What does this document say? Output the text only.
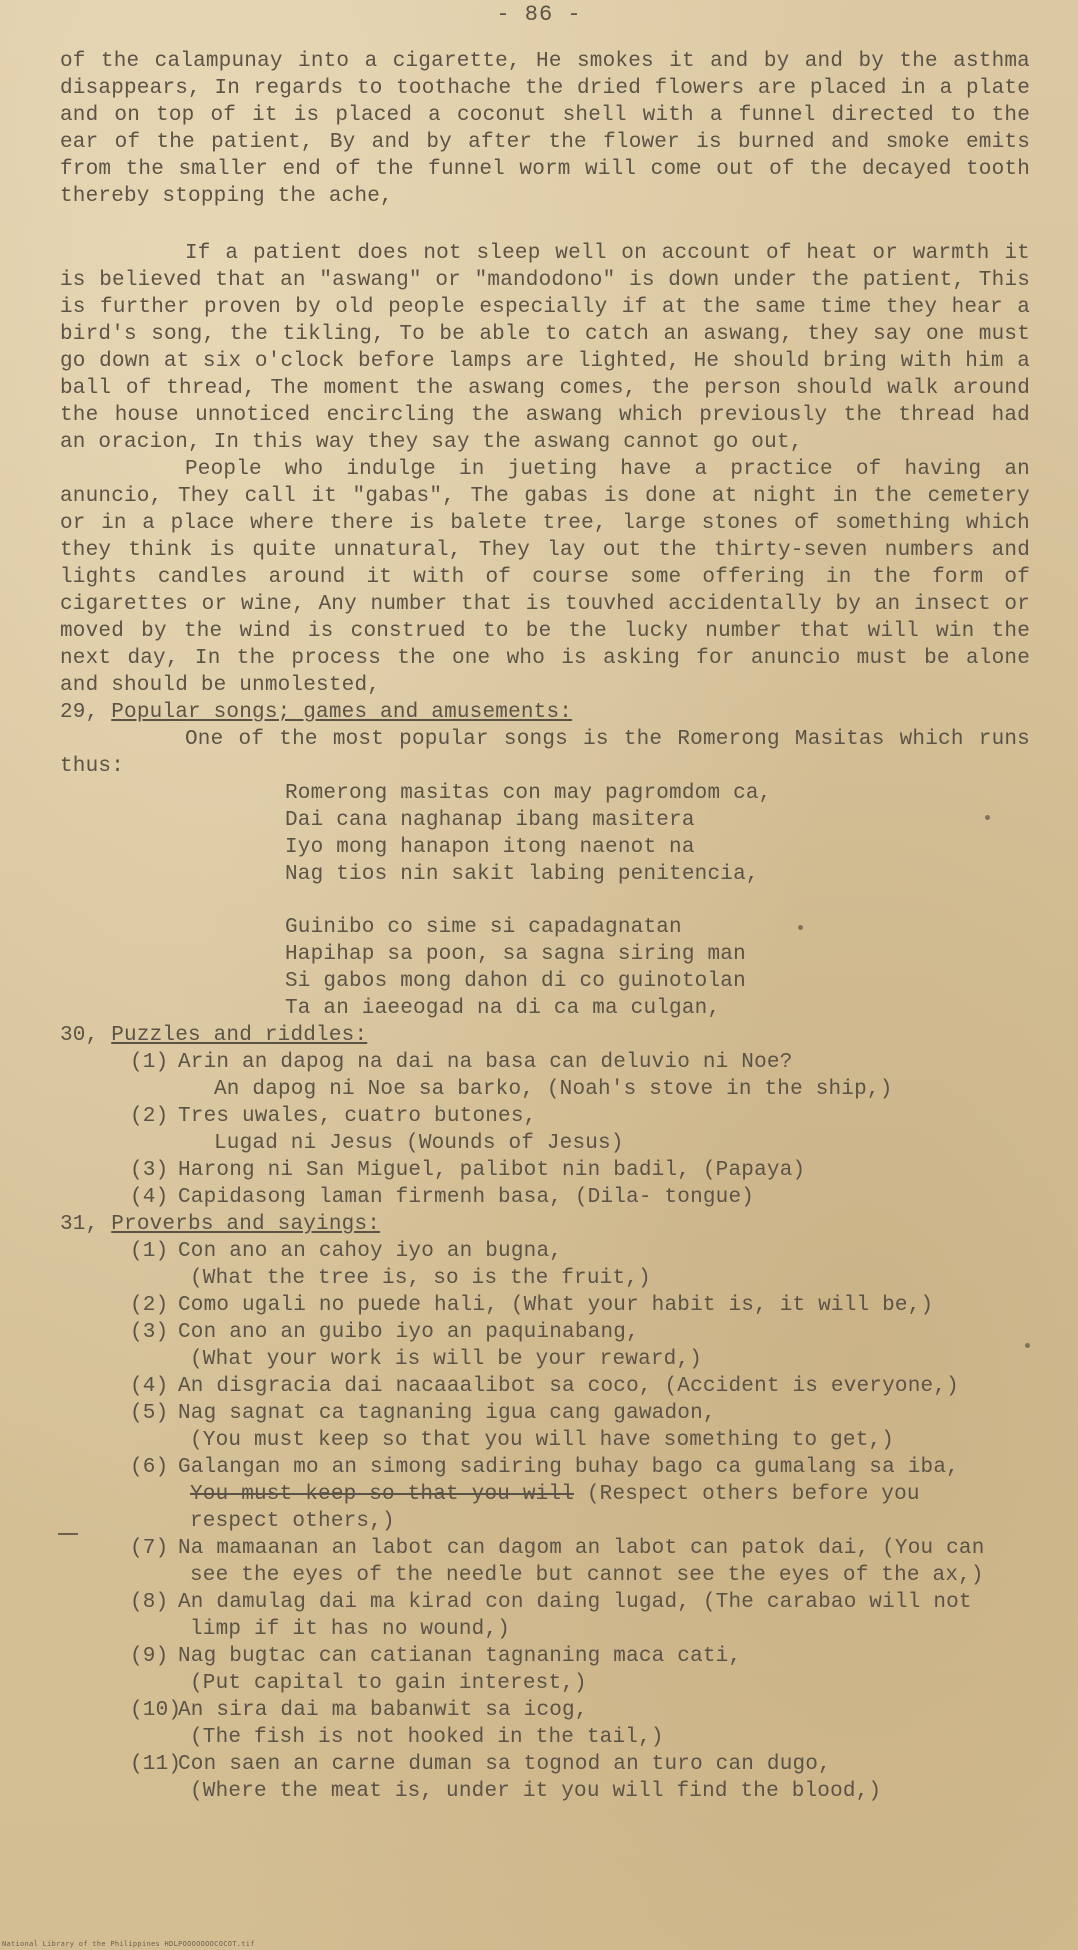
- 86 -

of the calampunay into a cigarette, He smokes it and by and by the asthma disappears, In regards to toothache the dried flowers are placed in a plate and on top of it is placed a coconut shell with a funnel directed to the ear of the patient, By and by after the flower is burned and smoke emits from the smaller end of the funnel worm will come out of the decayed tooth thereby stopping the ache,

If a patient does not sleep well on account of heat or warmth it is believed that an "aswang" or "mandodono" is down under the patient, This is further proven by old people especially if at the same time they hear a bird's song, the tikling, To be able to catch an aswang, they say one must go down at six o'clock before lamps are lighted, He should bring with him a ball of thread, The moment the aswang comes, the person should walk around the house unnoticed encircling the aswang which previously the thread had an oracion, In this way they say the aswang cannot go out,

People who indulge in jueting have a practice of having an anuncio, They call it "gabas", The gabas is done at night in the cemetery or in a place where there is balete tree, large stones of something which they think is quite unnatural, They lay out the thirty-seven numbers and lights candles around it with of course some offering in the form of cigarettes or wine, Any number that is touvhed accidentally by an insect or moved by the wind is construed to be the lucky number that will win the next day, In the process the one who is asking for anuncio must be alone and should be unmolested,

29, Popular songs; games and amusements:

One of the most popular songs is the Romerong Masitas which runs thus:

Romerong masitas con may pagromdom ca,
Dai cana naghanap ibang masitera
Iyo mong hanapon itong naenot na
Nag tios nin sakit labing penitencia,
Guinibo co sime si capadagnatan
Hapihap sa poon, sa sagna siring man
Si gabos mong dahon di co guinotolan
Ta an iaeeogad na di ca ma culgan,

30, Puzzles and riddles:

(1) Arin an dapog na dai na basa can deluvio ni Noe?
An dapog ni Noe sa barko, (Noah's stove in the ship,)
(2) Tres uwales, cuatro butones,
Lugad ni Jesus (Wounds of Jesus)
(3) Harong ni San Miguel, palibot nin badil, (Papaya)
(4) Capidasong laman firmenh basa, (Dila- tongue)

31, Proverbs and sayings:

(1) Con ano an cahoy iyo an bugna,
(What the tree is, so is the fruit,)
(2) Como ugali no puede hali, (What your habit is, it will be,)
(3) Con ano an guibo iyo an paquinabang,
(What your work is will be your reward,)
(4) An disgracia dai nacaaalibot sa coco, (Accident is everyone,)
(5) Nag sagnat ca tagnaning igua cang gawadon,
(You must keep so that you will have something to get,)
(6) Galangan mo an simong sadiring buhay bago ca gumalang sa iba,
You must keep so that you will (Respect others before you
respect others,)
(7) Na mamaanan an labot can dagom an labot can patok dai, (You can
see the eyes of the needle but cannot see the eyes of the ax,)
(8) An damulag dai ma kirad con daing lugad, (The carabao will not
limp if it has no wound,)
(9) Nag bugtac can catianan tagnaning maca cati,
(Put capital to gain interest,)
(10)
An sira dai ma babanwit sa icog,
(The fish is not hooked in the tail,)
(11)
Con saen an carne duman sa tognod an turo can dugo,
(Where the meat is, under it you will find the blood,)
National Library of the Philippines HDLPOOOOOOOCOCOT.tif
